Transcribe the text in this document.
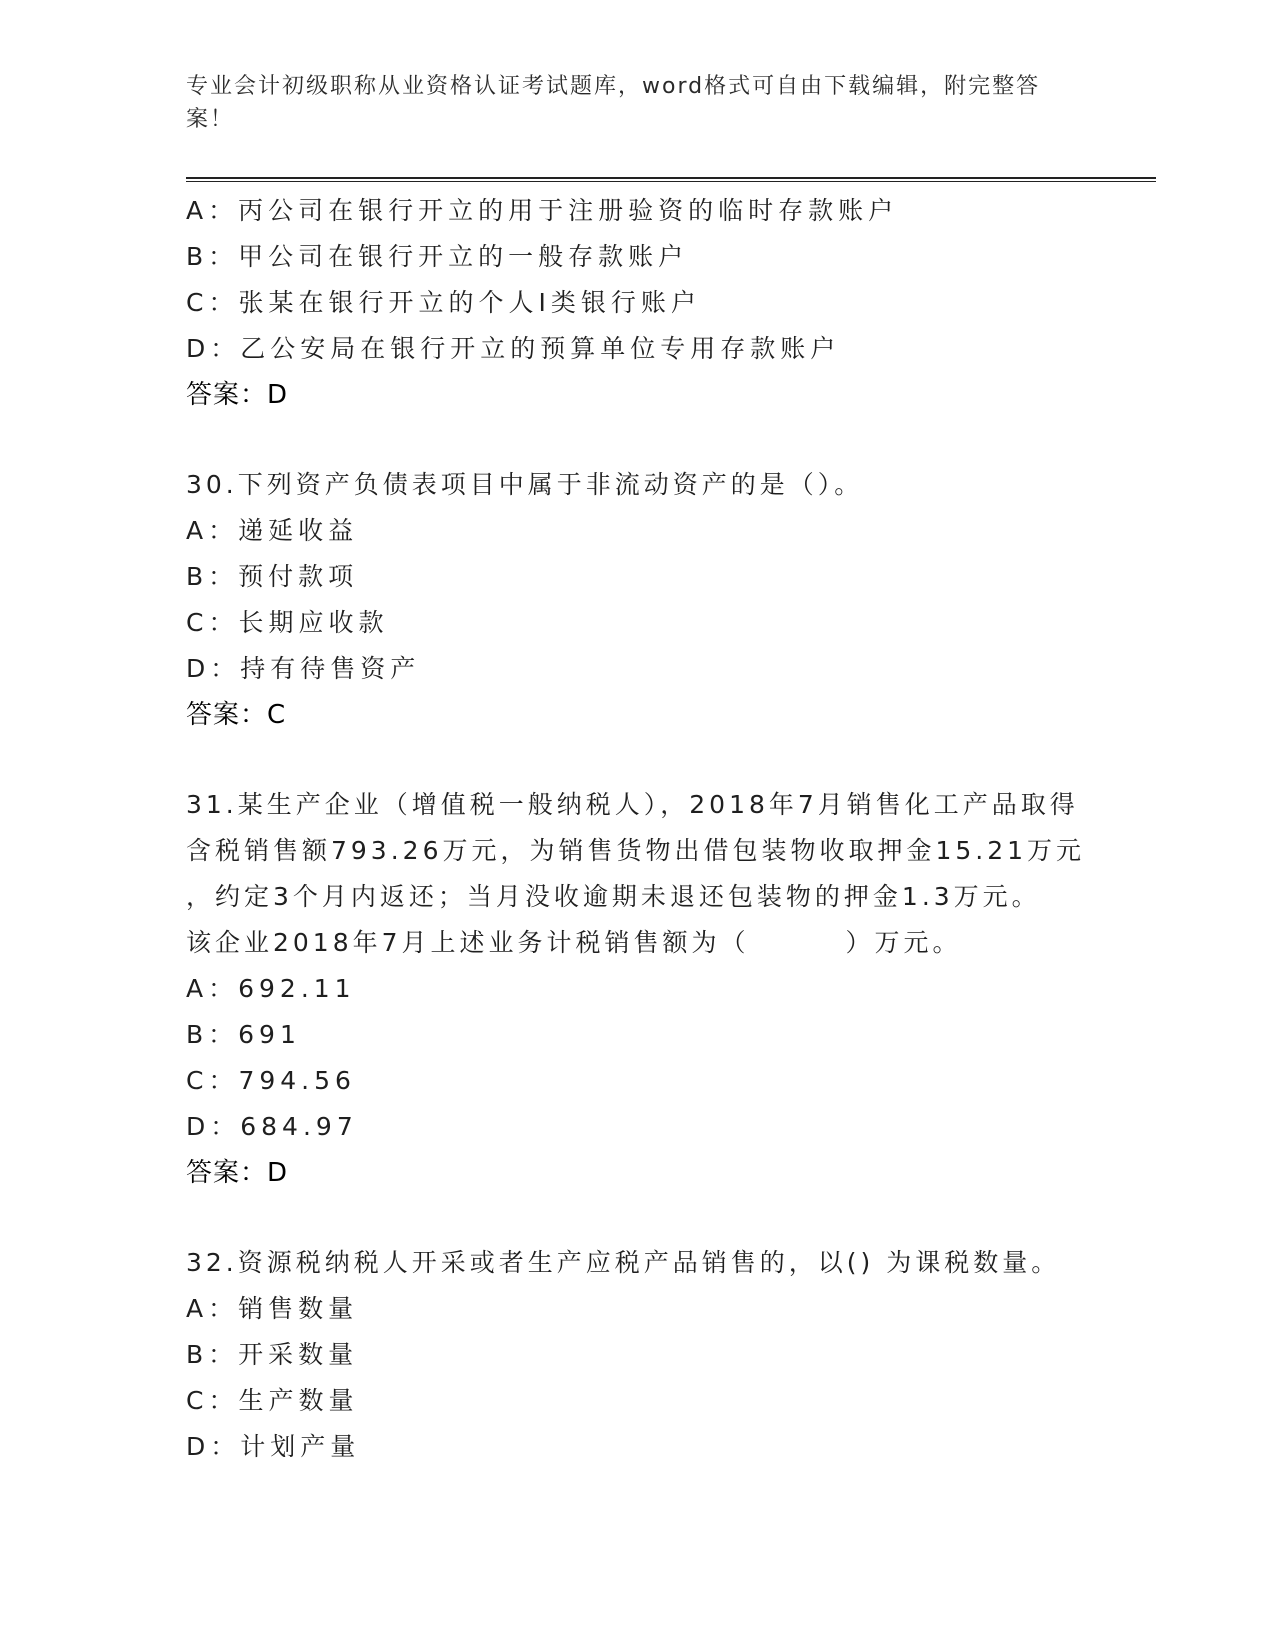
专业会计初级职称从业资格认证考试题库，word格式可自由下载编辑，附完整答案！
A：丙公司在银行开立的用于注册验资的临时存款账户
B：甲公司在银行开立的一般存款账户
C：张某在银行开立的个人Ⅰ类银行账户
D：乙公安局在银行开立的预算单位专用存款账户
答案：D
30.下列资产负债表项目中属于非流动资产的是（）。
A：递延收益
B：预付款项
C：长期应收款
D：持有待售资产
答案：C
31.某生产企业（增值税一般纳税人），2018年7月销售化工产品取得
含税销售额793.26万元，为销售货物出借包装物收取押金15.21万元
，约定3个月内返还；当月没收逾期未退还包装物的押金1.3万元。
该企业2018年7月上述业务计税销售额为（	）万元。
A：692.11
B：691
C：794.56
D：684.97
答案：D
32.资源税纳税人开采或者生产应税产品销售的，以() 为课税数量。
A：销售数量
B：开采数量
C：生产数量
D：计划产量
